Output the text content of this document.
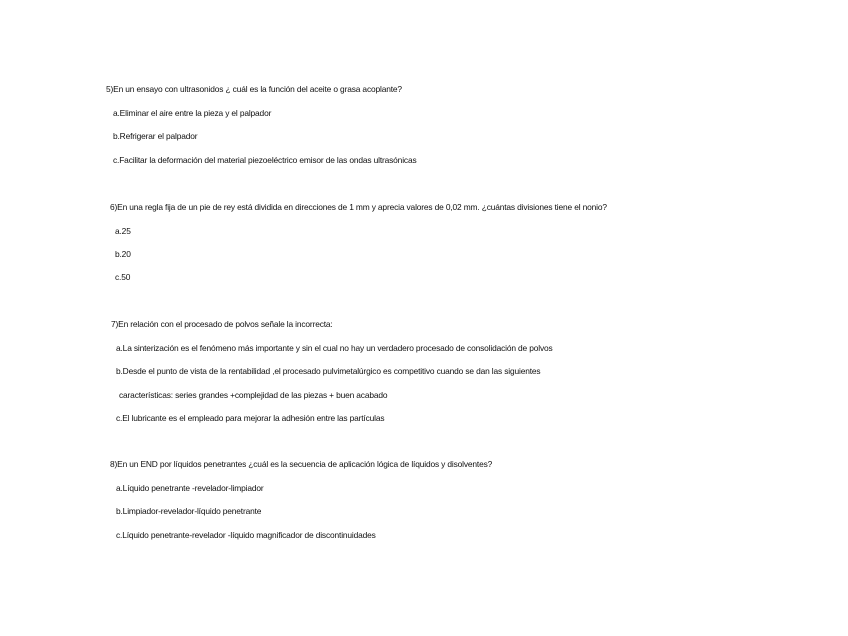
5)En un ensayo con ultrasonidos ¿ cuál es la función del aceite o grasa acoplante?
a.Eliminar el aire entre la pieza y el palpador
b.Refrigerar el palpador
c.Facilitar la deformación del material piezoeléctrico emisor de las ondas ultrasónicas
6)En una regla fija de un pie de rey está dividida en direcciones de 1 mm y aprecia valores de 0,02 mm. ¿cuántas divisiones tiene el nonio?
a.25
b.20
c.50
7)En relación con el procesado de polvos señale la incorrecta:
a.La sinterización es el fenómeno más importante y sin el cual no hay un verdadero procesado de consolidación de polvos
b.Desde el punto de vista de la rentabilidad ,el procesado pulvimetalúrgico es competitivo cuando se dan las siguientes
características: series grandes +complejidad de las piezas + buen acabado
c.El lubricante es el empleado para mejorar la adhesión entre las partículas
8)En un END por líquidos penetrantes ¿cuál es la secuencia de aplicación lógica de líquidos y disolventes?
a.Líquido penetrante -revelador-limpiador
b.Limpiador-revelador-líquido penetrante
c.Líquido penetrante-revelador -líquido magnificador de discontinuidades
